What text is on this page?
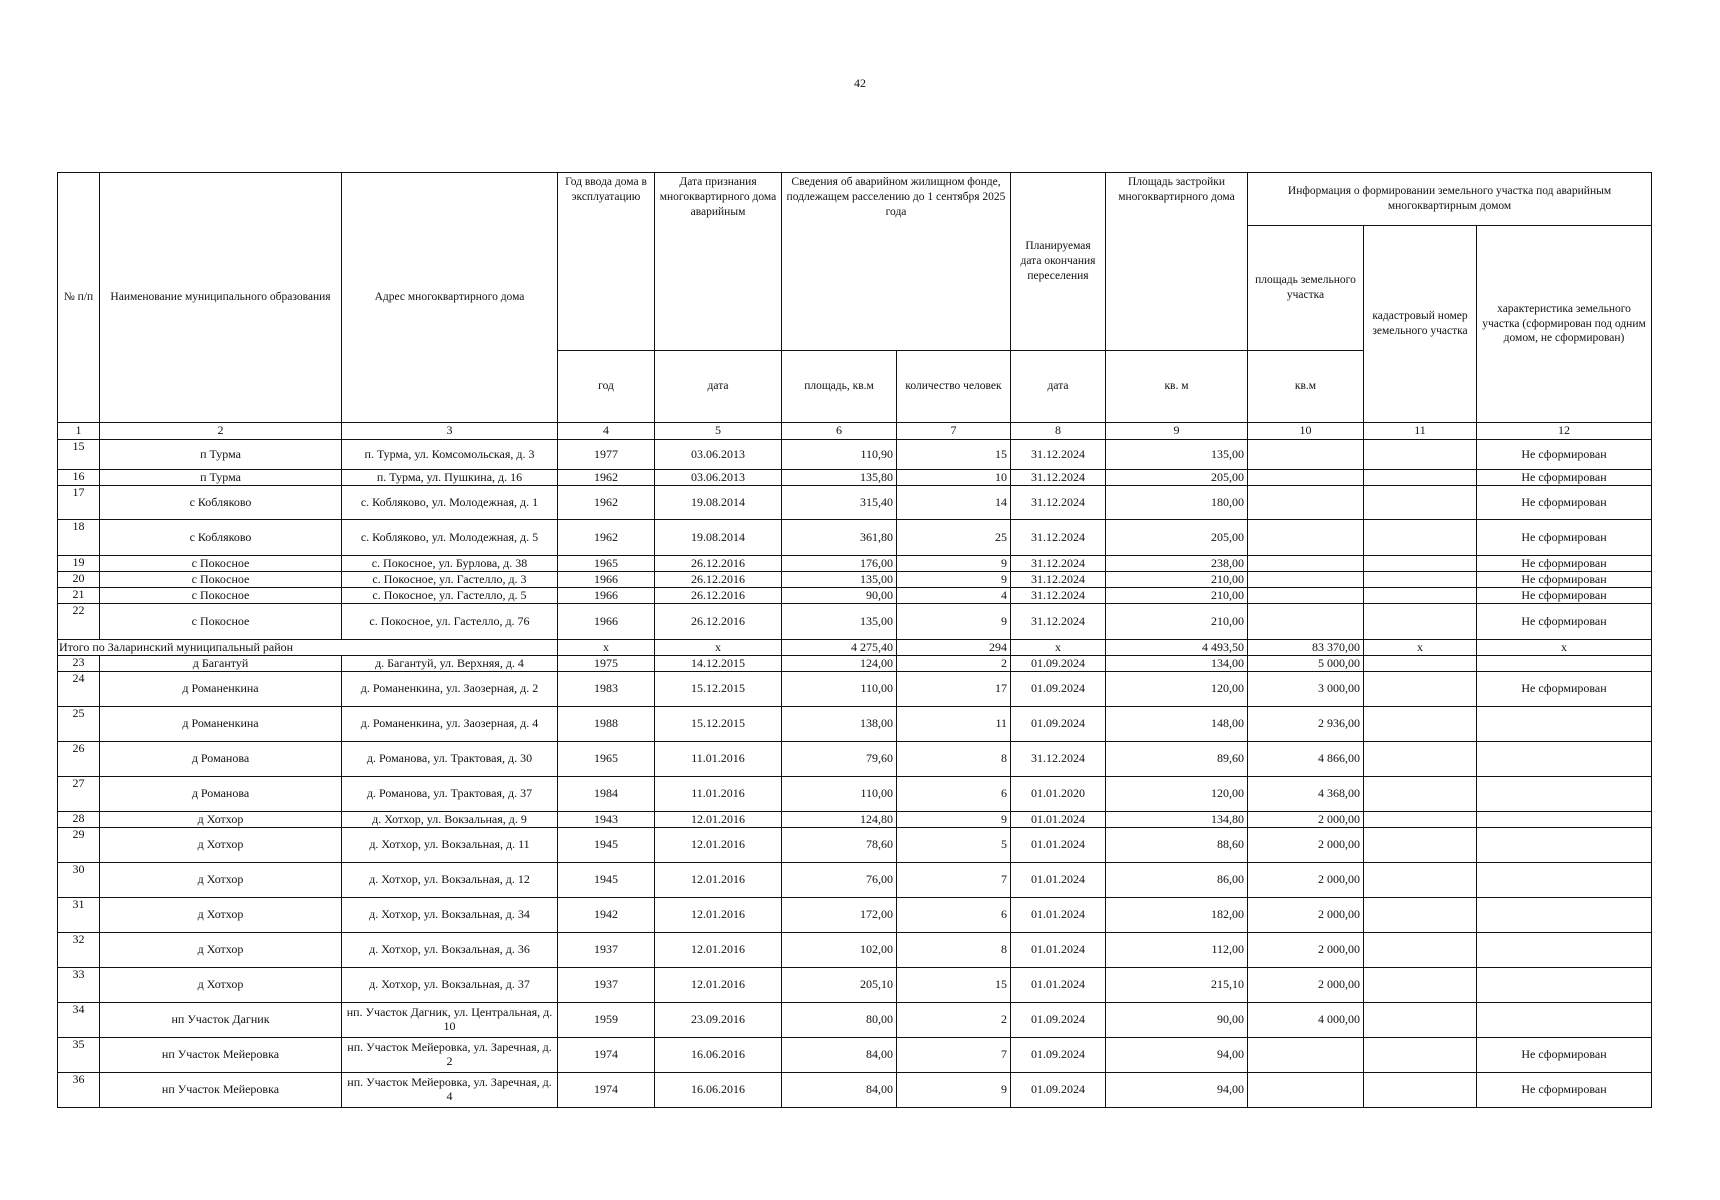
42
№ п/п	Наименование муниципального образования	Адрес многоквартирного дома	Год ввода дома в эксплуатацию	Дата признания многоквартирного дома аварийным	Сведения об аварийном жилищном фонде, подлежащем расселению до 1 сентября 2025 года		Планируемая дата окончания переселения	Площадь застройки многоквартирного дома	Информация о формировании земельного участка под аварийным многоквартирным домом		
									площадь земельного участка	кадастровый номер земельного участка	характеристика земельного участка (сформирован под одним домом, не сформирован)
			год	дата	площадь, кв.м	количество человек	дата	кв. м	кв.м		
1	2	3	4	5	6	7	8	9	10	11	12
15	п Турма	п. Турма, ул. Комсомольская, д. 3	1977	03.06.2013	110,90	15	31.12.2024	135,00			Не сформирован
16	п Турма	п. Турма, ул. Пушкина, д. 16	1962	03.06.2013	135,80	10	31.12.2024	205,00			Не сформирован
17	с Кобляково	с. Кобляково, ул. Молодежная, д. 1	1962	19.08.2014	315,40	14	31.12.2024	180,00			Не сформирован
18	с Кобляково	с. Кобляково, ул. Молодежная, д. 5	1962	19.08.2014	361,80	25	31.12.2024	205,00			Не сформирован
19	с Покосное	с. Покосное, ул. Бурлова, д. 38	1965	26.12.2016	176,00	9	31.12.2024	238,00			Не сформирован
20	с Покосное	с. Покосное, ул. Гастелло, д. 3	1966	26.12.2016	135,00	9	31.12.2024	210,00			Не сформирован
21	с Покосное	с. Покосное, ул. Гастелло, д. 5	1966	26.12.2016	90,00	4	31.12.2024	210,00			Не сформирован
22	с Покосное	с. Покосное, ул. Гастелло, д. 76	1966	26.12.2016	135,00	9	31.12.2024	210,00			Не сформирован
Итого по Заларинский муниципальный район			x	x	4 275,40	294	x	4 493,50	83 370,00	x	x
23	д Багантуй	д. Багантуй, ул. Верхняя, д. 4	1975	14.12.2015	124,00	2	01.09.2024	134,00	5 000,00		
24	д Романенкина	д. Романенкина, ул. Заозерная, д. 2	1983	15.12.2015	110,00	17	01.09.2024	120,00	3 000,00		Не сформирован
25	д Романенкина	д. Романенкина, ул. Заозерная, д. 4	1988	15.12.2015	138,00	11	01.09.2024	148,00	2 936,00		
26	д Романова	д. Романова, ул. Трактовая, д. 30	1965	11.01.2016	79,60	8	31.12.2024	89,60	4 866,00		
27	д Романова	д. Романова, ул. Трактовая, д. 37	1984	11.01.2016	110,00	6	01.01.2020	120,00	4 368,00		
28	д Хотхор	д. Хотхор, ул. Вокзальная, д. 9	1943	12.01.2016	124,80	9	01.01.2024	134,80	2 000,00		
29	д Хотхор	д. Хотхор, ул. Вокзальная, д. 11	1945	12.01.2016	78,60	5	01.01.2024	88,60	2 000,00		
30	д Хотхор	д. Хотхор, ул. Вокзальная, д. 12	1945	12.01.2016	76,00	7	01.01.2024	86,00	2 000,00		
31	д Хотхор	д. Хотхор, ул. Вокзальная, д. 34	1942	12.01.2016	172,00	6	01.01.2024	182,00	2 000,00		
32	д Хотхор	д. Хотхор, ул. Вокзальная, д. 36	1937	12.01.2016	102,00	8	01.01.2024	112,00	2 000,00		
33	д Хотхор	д. Хотхор, ул. Вокзальная, д. 37	1937	12.01.2016	205,10	15	01.01.2024	215,10	2 000,00		
34	нп Участок Дагник	нп. Участок Дагник, ул. Центральная, д. 10	1959	23.09.2016	80,00	2	01.09.2024	90,00	4 000,00		
35	нп Участок Мейеровка	нп. Участок Мейеровка, ул. Заречная, д. 2	1974	16.06.2016	84,00	7	01.09.2024	94,00			Не сформирован
36	нп Участок Мейеровка	нп. Участок Мейеровка, ул. Заречная, д. 4	1974	16.06.2016	84,00	9	01.09.2024	94,00			Не сформирован
